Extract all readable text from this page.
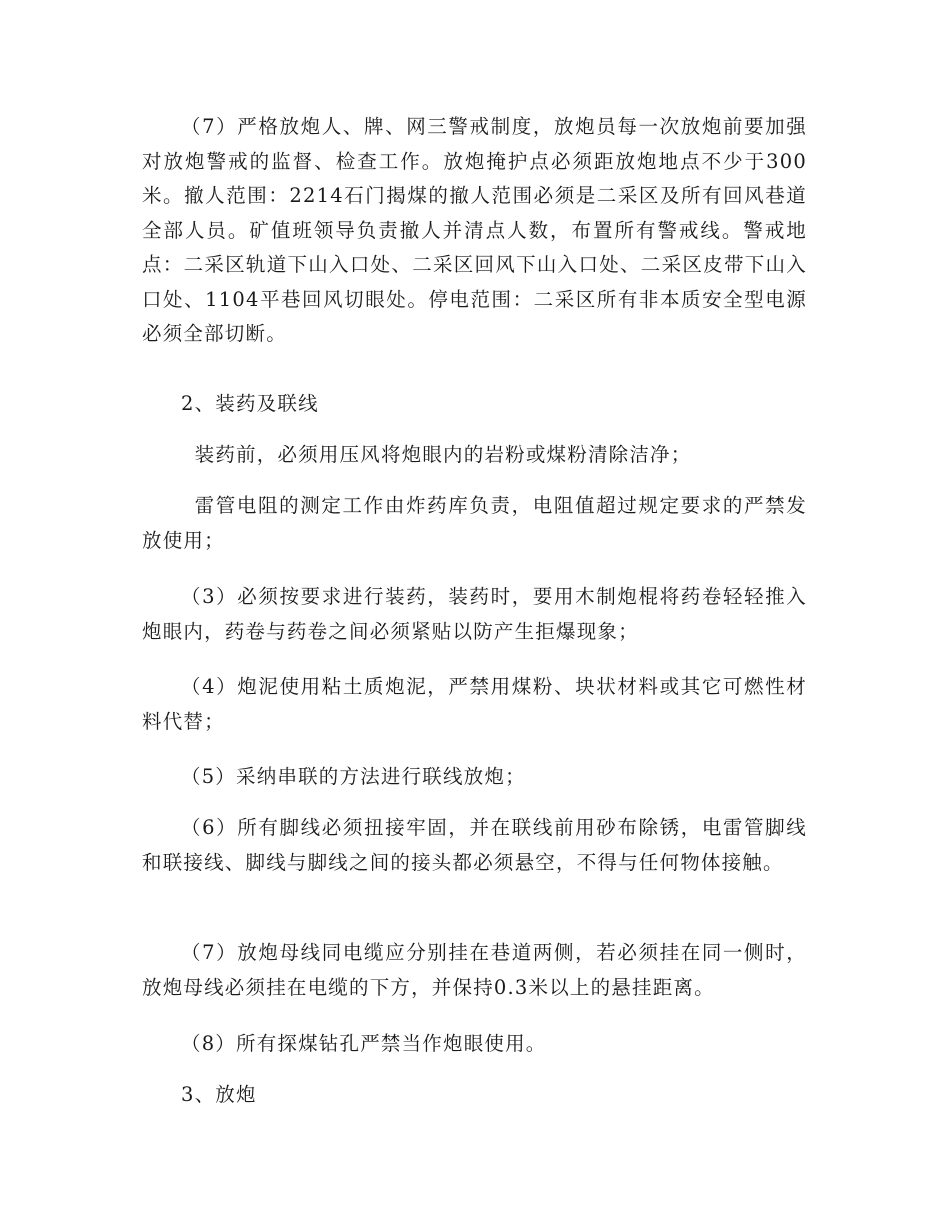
（7）严格放炮人、牌、网三警戒制度，放炮员每一次放炮前要加强对放炮警戒的监督、检查工作。放炮掩护点必须距放炮地点不少于300米。撤人范围：2214石门揭煤的撤人范围必须是二采区及所有回风巷道全部人员。矿值班领导负责撤人并清点人数，布置所有警戒线。警戒地点：二采区轨道下山入口处、二采区回风下山入口处、二采区皮带下山入口处、1104平巷回风切眼处。停电范围：二采区所有非本质安全型电源必须全部切断。

2、装药及联线

装药前，必须用压风将炮眼内的岩粉或煤粉清除洁净；

雷管电阻的测定工作由炸药库负责，电阻值超过规定要求的严禁发放使用；

（3）必须按要求进行装药，装药时，要用木制炮棍将药卷轻轻推入炮眼内，药卷与药卷之间必须紧贴以防产生拒爆现象；

（4）炮泥使用粘土质炮泥，严禁用煤粉、块状材料或其它可燃性材料代替；

（5）采纳串联的方法进行联线放炮；

（6）所有脚线必须扭接牢固，并在联线前用砂布除锈，电雷管脚线和联接线、脚线与脚线之间的接头都必须悬空，不得与任何物体接触。

（7）放炮母线同电缆应分别挂在巷道两侧，若必须挂在同一侧时，放炮母线必须挂在电缆的下方，并保持0.3米以上的悬挂距离。

（8）所有探煤钻孔严禁当作炮眼使用。

3、放炮
